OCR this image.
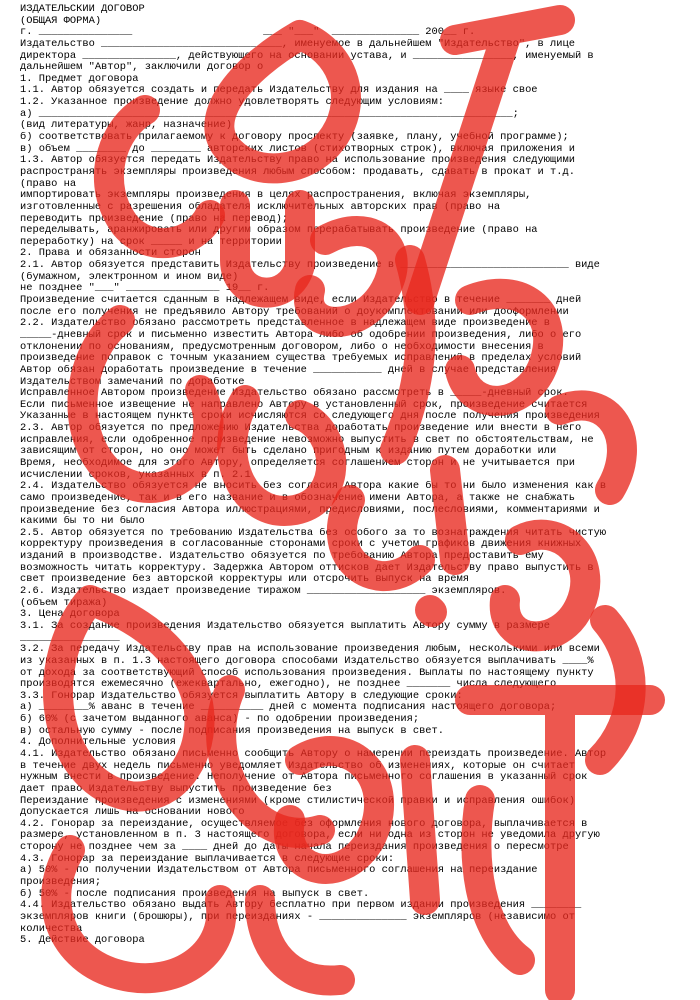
ИЗДАТЕЛЬСКИЙ ДОГОВОР
(ОБЩАЯ ФОРМА)
г. _______________                     ___ "___"  ______________ 200__ г.
Издательство _____________________________, именуемое в дальнейшем "Издательство", в лице
директора _______________, действующего на основании устава, и ________________, именуемый в
дальнейшем "Автор", заключили договор о
1. Предмет договора
1.1. Автор обязуется создать и передать Издательству для издания на ____ языке свое
1.2. Указанное произведение должно удовлетворять следующим условиям:
а) ____________________________________________________________________________;
(вид литературы, жанр, назначение)
б) соответствовать прилагаемому к договору проспекту (заявке, плану, учебной программе);
в) объем ________ до ________ авторских листов (стихотворных строк), включая приложения и
1.3. Автор обязуется передать Издательству право на использование произведения следующими
распространять экземпляры произведения любым способом: продавать, сдавать в прокат и т.д.
(право на
импортировать экземпляры произведения в целях распространения, включая экземпляры,
изготовленные с разрешения обладателя исключительных авторских прав (право на
переводить произведение (право на перевод);
переделывать, аранжировать или другим образом перерабатывать произведение (право на
переработку) на срок _____ и на территории
2. Права и обязанности сторон
2.1. Автор обязуется представить Издательству произведение в ___________________________ виде
(бумажном, электронном и ином виде)
не позднее "___" _______________ 19__ г.
Произведение считается сданным в надлежащем виде, если Издательство в течение _______ дней
после его получения не предъявило Автору требований о доукомплектовании или дооформлении
2.2. Издательство обязано рассмотреть представленное в надлежащем виде произведение в
_____-дневный срок и письменно известить Автора либо об одобрении произведения, либо о его
отклонении по основаниям, предусмотренным договором, либо о необходимости внесения в
произведение поправок с точным указанием существа требуемых исправлений в пределах условий
Автор обязан доработать произведение в течение ___________ дней в случае представления
Издательством замечаний по доработке
Исправленное Автором произведение Издательство обязано рассмотреть в _____-дневный срок.
Если письменное извещение не направлено Автору в установленный срок, произведение считается
Указанные в настоящем пункте сроки исчисляются со следующего дня после получения произведения
2.3. Автор обязуется по предложению Издательства доработать произведение или внести в него
исправления, если одобренное произведение невозможно выпустить в свет по обстоятельствам, не
зависящим от сторон, но оно может быть сделано пригодным к изданию путем доработки или
Время, необходимое для этого Автору, определяется соглашением сторон и не учитывается при
исчислении сроков, указанных в п. 2.1
2.4. Издательство обязуется не вносить без согласия Автора какие бы то ни было изменения как в
само произведение, так и в его название и в обозначение имени Автора, а также не снабжать
произведение без согласия Автора иллюстрациями, предисловиями, послесловиями, комментариями и
какими бы то ни было
2.5. Автор обязуется по требованию Издательства без особого за то вознаграждения читать чистую
корректуру произведения в согласованные сторонами сроки с учетом графиков движения книжных
изданий в производстве. Издательство обязуется по требованию Автора предоставить ему
возможность читать корректуру. Задержка Автором оттисков дает Издательству право выпустить в
свет произведение без авторской корректуры или отсрочить выпуск на время
2.6. Издательство издает произведение тиражом ___________________ экземпляров.
(объем тиража)
3. Цена договора
3.1. За создание произведения Издательство обязуется выплатить Автору сумму в размере
________________
3.2. За передачу Издательству прав на использование произведения любым, несколькими или всеми
из указанных в п. 1.3 настоящего договора способами Издательство обязуется выплачивать ____%
от дохода за соответствующий способ использования произведения. Выплаты по настоящему пункту
производятся ежемесячно (ежеквартально, ежегодно), не позднее _______ числа следующего
3.3. Гонорар Издательство обязуется выплатить Автору в следующие сроки:
а) ________% аванс в течение __________ дней с момента подписания настоящего договора;
б) 60% (с зачетом выданного аванса) - по одобрении произведения;
в) остальную сумму - после подписания произведения на выпуск в свет.
4. Дополнительные условия
4.1. Издательство обязано письменно сообщить Автору о намерении переиздать произведение. Автор
в течение двух недель письменно уведомляет Издательство об изменениях, которые он считает
нужным внести в произведение. Неполучение от Автора письменного соглашения в указанный срок
дает право Издательству выпустить произведение без
Переиздание произведения с изменениями (кроме стилистической правки и исправления ошибок)
допускается лишь на основании нового
4.2. Гонорар за переиздание, осуществляемое без оформления нового договора, выплачивается в
размере, установленном в п. 3 настоящего договора, если ни одна из сторон не уведомила другую
сторону не позднее чем за ____ дней до даты начала переиздания произведения о пересмотре
4.3. Гонорар за переиздание выплачивается в следующие сроки:
а) 50% - по получении Издательством от Автора письменного соглашения на переиздание
произведения;
б) 50% - после подписания произведения на выпуск в свет.
4.4. Издательство обязано выдать Автору бесплатно при первом издании произведения ________
экземпляров книги (брошюры), при переизданиях - ______________ экземпляров (независимо от
количества
5. Действие договора
